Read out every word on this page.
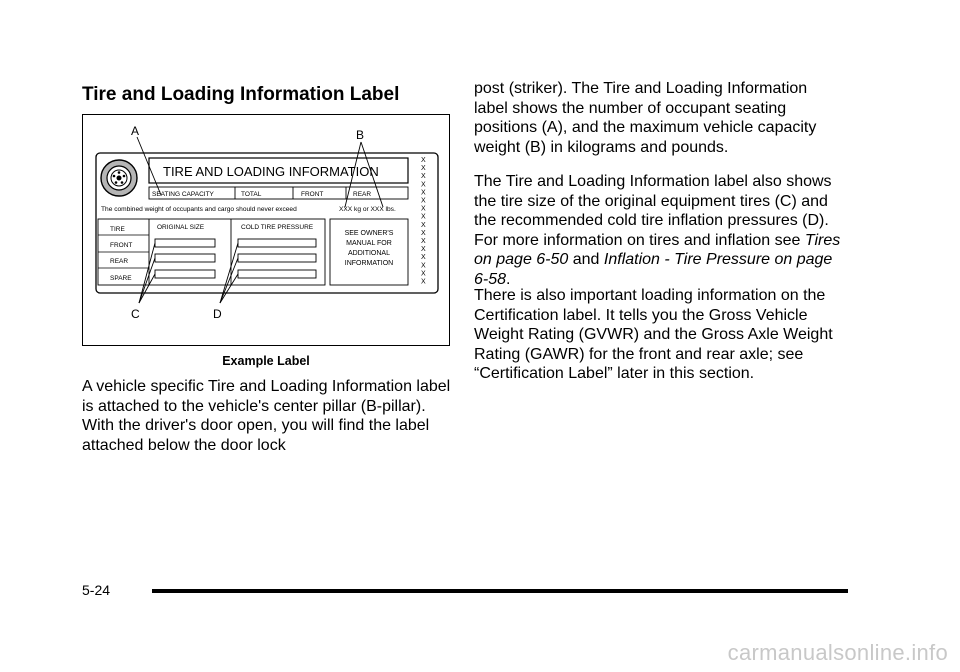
Tire and Loading Information Label
TIRE AND LOADING INFORMATION
SEATING CAPACITY	TOTAL	FRONT	REAR
The combined weight of occupants and cargo should never exceed	XXX kg or XXX lbs.
TIRE	ORIGINAL SIZE	COLD TIRE PRESSURE
FRONT
REAR
SPARE
SEE OWNER'S
MANUAL FOR
ADDITIONAL
INFORMATION
X
X
X
X
X
X
X
X
X
X
X
X
X
X
X
X
A	B
C	D
Example Label

A vehicle specific Tire and Loading Information label is attached to the vehicle's center pillar (B-pillar). With the driver's door open, you will find the label attached below the door lock

post (striker). The Tire and Loading Information label shows the number of occupant seating positions (A), and the maximum vehicle capacity weight (B) in kilograms and pounds.

The Tire and Loading Information label also shows the tire size of the original equipment tires (C) and the recommended cold tire inflation pressures (D). For more information on tires and inflation see Tires on page 6-50 and Inflation - Tire Pressure on page 6-58.

There is also important loading information on the Certification label. It tells you the Gross Vehicle Weight Rating (GVWR) and the Gross Axle Weight Rating (GAWR) for the front and rear axle; see “Certification Label” later in this section.

5-24
carmanualsonline.info
